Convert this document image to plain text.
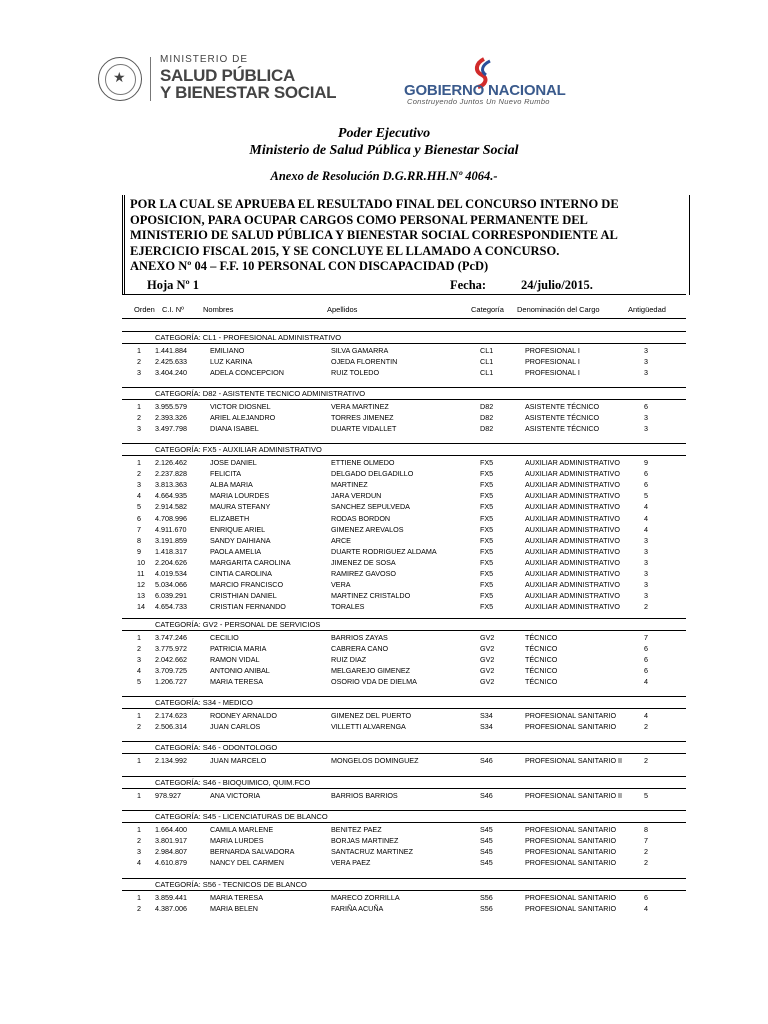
★
MINISTERIO DE
SALUD PÚBLICA
Y BIENESTAR SOCIAL	GOBIERNO NACIONAL
Construyendo Juntos Un Nuevo Rumbo
Poder Ejecutivo
Ministerio de Salud Pública y Bienestar Social
Anexo de Resolución D.G.RR.HH.Nº 4064.-
POR LA CUAL SE APRUEBA EL RESULTADO FINAL DEL CONCURSO INTERNO DE
OPOSICION, PARA OCUPAR CARGOS COMO PERSONAL PERMANENTE DEL
MINISTERIO DE SALUD PÚBLICA Y BIENESTAR SOCIAL CORRESPONDIENTE AL
EJERCICIO FISCAL 2015, Y SE CONCLUYE EL LLAMADO A CONCURSO.
ANEXO Nº 04 – F.F. 10 PERSONAL CON DISCAPACIDAD (PcD)
Hoja Nº 1	Fecha:	24/julio/2015.
Orden C.I. Nº	Nombres	Apellidos	Categoría Denominación del Cargo	Antigüedad
CATEGORÍA: CL1 - PROFESIONAL ADMINISTRATIVO
1 1.441.884	EMILIANO	SILVA GAMARRA	CL1	PROFESIONAL I	3
2 2.425.633	LUZ KARINA	OJEDA FLORENTIN	CL1	PROFESIONAL I	3
3 3.404.240	ADELA CONCEPCION	RUIZ TOLEDO	CL1	PROFESIONAL I	3
CATEGORÍA: D82 - ASISTENTE TECNICO ADMINISTRATIVO
1 3.955.579	VICTOR DIOSNEL	VERA MARTINEZ	D82	ASISTENTE TÉCNICO	6
2 2.393.326	ARIEL ALEJANDRO	TORRES JIMENEZ	D82	ASISTENTE TÉCNICO	3
3 3.497.798	DIANA ISABEL	DUARTE VIDALLET	D82	ASISTENTE TÉCNICO	3
CATEGORÍA: FX5 - AUXILIAR ADMINISTRATIVO
1 2.126.462	JOSE DANIEL	ETTIENE OLMEDO	FX5	AUXILIAR ADMINISTRATIVO	9
2 2.237.828	FELICITA	DELGADO DELGADILLO	FX5	AUXILIAR ADMINISTRATIVO	6
3 3.813.363	ALBA MARIA	MARTINEZ	FX5	AUXILIAR ADMINISTRATIVO	6
4 4.664.935	MARIA LOURDES	JARA VERDUN	FX5	AUXILIAR ADMINISTRATIVO	5
5 2.914.582	MAURA STEFANY	SANCHEZ SEPULVEDA	FX5	AUXILIAR ADMINISTRATIVO	4
6 4.708.996	ELIZABETH	RODAS BORDON	FX5	AUXILIAR ADMINISTRATIVO	4
7 4.911.670	ENRIQUE ARIEL	GIMENEZ AREVALOS	FX5	AUXILIAR ADMINISTRATIVO	4
8 3.191.859	SANDY DAIHIANA	ARCE	FX5	AUXILIAR ADMINISTRATIVO	3
9 1.418.317	PAOLA AMELIA	DUARTE RODRIGUEZ ALDAMA	FX5	AUXILIAR ADMINISTRATIVO	3
10 2.204.626	MARGARITA CAROLINA	JIMENEZ DE SOSA	FX5	AUXILIAR ADMINISTRATIVO	3
11 4.019.534	CINTIA CAROLINA	RAMIREZ GAVOSO	FX5	AUXILIAR ADMINISTRATIVO	3
12 5.034.066	MARCIO FRANCISCO	VERA	FX5	AUXILIAR ADMINISTRATIVO	3
13 6.039.291	CRISTHIAN DANIEL	MARTINEZ CRISTALDO	FX5	AUXILIAR ADMINISTRATIVO	3
14 4.654.733	CRISTIAN FERNANDO	TORALES	FX5	AUXILIAR ADMINISTRATIVO	2
CATEGORÍA: GV2 - PERSONAL DE SERVICIOS
1 3.747.246	CECILIO	BARRIOS ZAYAS	GV2	TÉCNICO	7
2 3.775.972	PATRICIA MARIA	CABRERA CANO	GV2	TÉCNICO	6
3 2.042.662	RAMON VIDAL	RUIZ DIAZ	GV2	TÉCNICO	6
4 3.709.725	ANTONIO ANIBAL	MELGAREJO GIMENEZ	GV2	TÉCNICO	6
5 1.206.727	MARIA TERESA	OSORIO VDA DE DIELMA	GV2	TÉCNICO	4
CATEGORÍA: S34 - MEDICO
1 2.174.623	RODNEY ARNALDO	GIMENEZ DEL PUERTO	S34	PROFESIONAL SANITARIO	4
2 2.506.314	JUAN CARLOS	VILLETTI ALVARENGA	S34	PROFESIONAL SANITARIO	2
CATEGORÍA: S46 - ODONTOLOGO
1 2.134.992	JUAN MARCELO	MONGELOS DOMINGUEZ	S46	PROFESIONAL SANITARIO II	2
CATEGORÍA: S46 - BIOQUIMICO, QUIM.FCO
1 978.927	ANA VICTORIA	BARRIOS BARRIOS	S46	PROFESIONAL SANITARIO II	5
CATEGORÍA: S45 - LICENCIATURAS DE BLANCO
1 1.664.400	CAMILA MARLENE	BENITEZ PAEZ	S45	PROFESIONAL SANITARIO	8
2 3.801.917	MARIA LURDES	BORJAS MARTINEZ	S45	PROFESIONAL SANITARIO	7
3 2.984.807	BERNARDA SALVADORA	SANTACRUZ MARTINEZ	S45	PROFESIONAL SANITARIO	2
4 4.610.879	NANCY DEL CARMEN	VERA PAEZ	S45	PROFESIONAL SANITARIO	2
CATEGORÍA: S56 - TECNICOS DE BLANCO
1 3.859.441	MARIA TERESA	MARECO ZORRILLA	S56	PROFESIONAL SANITARIO	6
2 4.387.006	MARIA BELEN	FARIÑA ACUÑA	S56	PROFESIONAL SANITARIO	4
